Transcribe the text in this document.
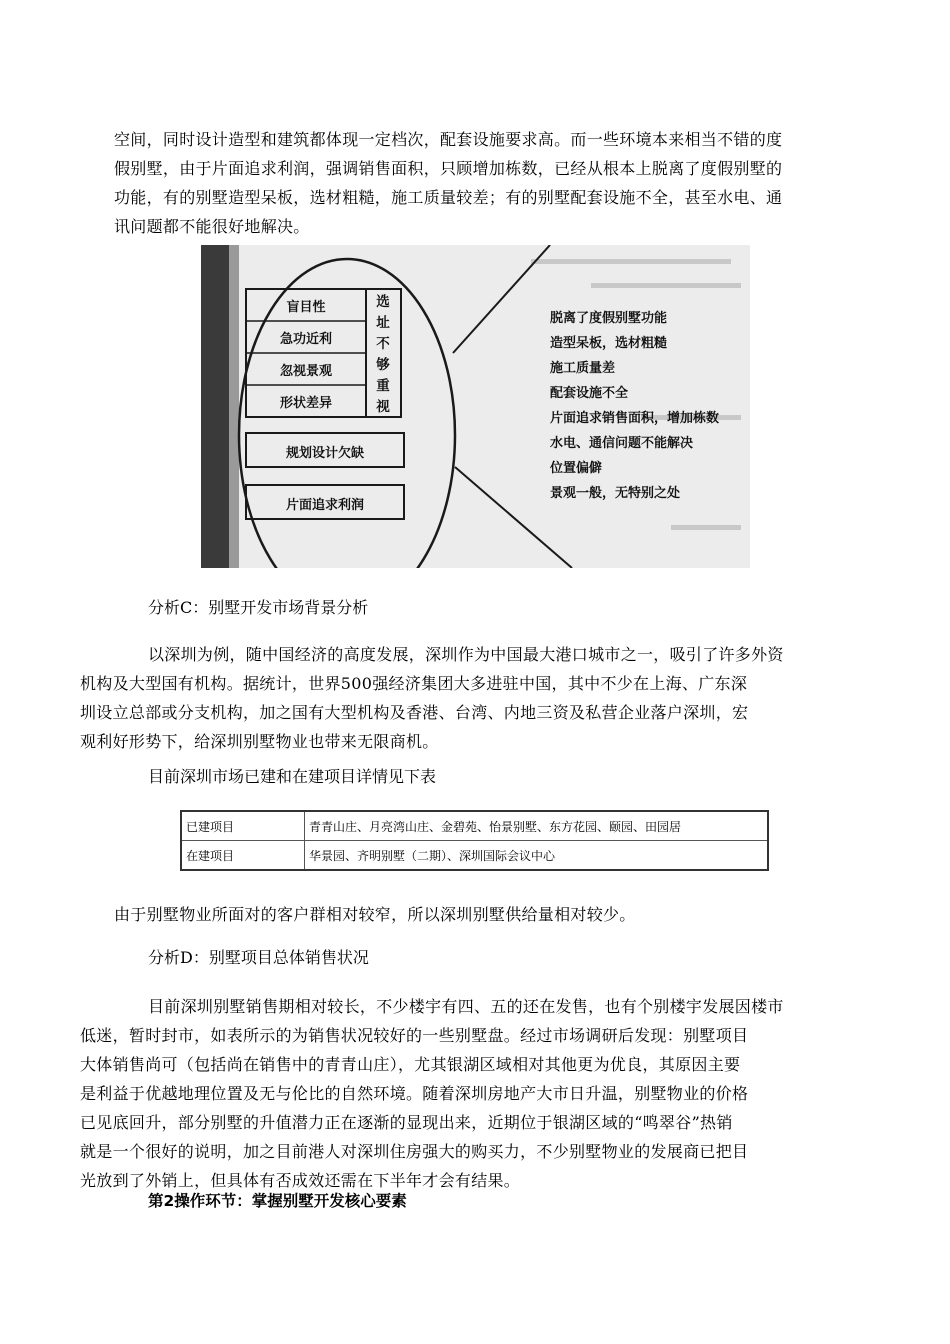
空间，同时设计造型和建筑都体现一定档次，配套设施要求高。而一些环境本来相当不错的度
假别墅，由于片面追求利润，强调销售面积，只顾增加栋数，已经从根本上脱离了度假别墅的
功能，有的别墅造型呆板，选材粗糙，施工质量较差；有的别墅配套设施不全，甚至水电、通
讯问题都不能很好地解决。
盲目性
急功近利
忽视景观
形状差异
选
址
不
够
重
视
规划设计欠缺
片面追求利润
脱离了度假别墅功能
造型呆板，选材粗糙
施工质量差
配套设施不全
片面追求销售面积，增加栋数
水电、通信问题不能解决
位置偏僻
景观一般，无特别之处
分析C：别墅开发市场背景分析
以深圳为例，随中国经济的高度发展，深圳作为中国最大港口城市之一，吸引了许多外资
机构及大型国有机构。据统计，世界500强经济集团大多进驻中国，其中不少在上海、广东深
圳设立总部或分支机构，加之国有大型机构及香港、台湾、内地三资及私营企业落户深圳，宏
观利好形势下，给深圳别墅物业也带来无限商机。
目前深圳市场已建和在建项目详情见下表
已建项目	青青山庄、月亮湾山庄、金碧苑、怡景别墅、东方花园、颐园、田园居
在建项目	华景园、齐明别墅（二期）、深圳国际会议中心
由于别墅物业所面对的客户群相对较窄，所以深圳别墅供给量相对较少。
分析D：别墅项目总体销售状况
目前深圳别墅销售期相对较长，不少楼宇有四、五的还在发售，也有个别楼宇发展因楼市
低迷，暂时封市，如表所示的为销售状况较好的一些别墅盘。经过市场调研后发现：别墅项目
大体销售尚可（包括尚在销售中的青青山庄），尤其银湖区域相对其他更为优良，其原因主要
是利益于优越地理位置及无与伦比的自然环境。随着深圳房地产大市日升温，别墅物业的价格
已见底回升，部分别墅的升值潜力正在逐渐的显现出来，近期位于银湖区域的“鸣翠谷”热销
就是一个很好的说明，加之目前港人对深圳住房强大的购买力，不少别墅物业的发展商已把目
光放到了外销上，但具体有否成效还需在下半年才会有结果。
第2操作环节：掌握别墅开发核心要素
